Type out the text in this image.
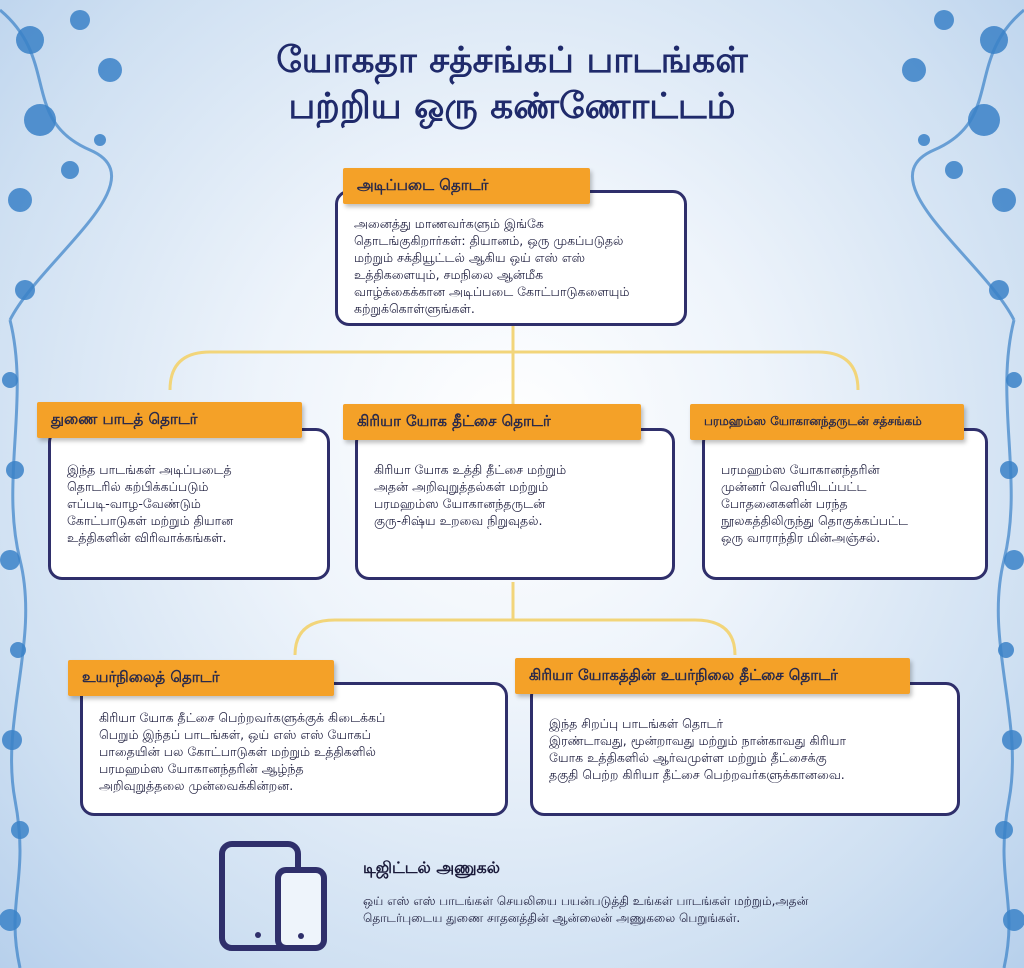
யோகதா சத்சங்கப் பாடங்கள்
பற்றிய ஒரு கண்ணோட்டம்
அனைத்து மாணவர்களும் இங்கே
தொடங்குகிறார்கள்: தியானம், ஒரு முகப்படுதல்
மற்றும் சக்தியூட்டல் ஆகிய ஒய் எஸ் எஸ்
உத்திகளையும், சமநிலை ஆன்மீக
வாழ்க்கைக்கான அடிப்படை கோட்பாடுகளையும்
கற்றுக்கொள்ளுங்கள்.
அடிப்படை தொடர்
இந்த பாடங்கள் அடிப்படைத்
தொடரில் கற்பிக்கப்படும்
எப்படி-வாழ-வேண்டும்
கோட்பாடுகள் மற்றும் தியான
உத்திகளின் விரிவாக்கங்கள்.
துணை பாடத் தொடர்
கிரியா யோக உத்தி தீட்சை மற்றும்
அதன் அறிவுறுத்தல்கள் மற்றும்
பரமஹம்ஸ யோகானந்தருடன்
குரு-சிஷ்ய உறவை நிறுவுதல்.
கிரியா யோக தீட்சை தொடர்
பரமஹம்ஸ யோகானந்தரின்
முன்னர் வெளியிடப்பட்ட
போதனைகளின் பரந்த
நூலகத்திலிருந்து தொகுக்கப்பட்ட
ஒரு வாராந்திர மின்அஞ்சல்.
பரமஹம்ஸ யோகானந்தருடன் சத்சங்கம்
கிரியா யோக தீட்சை பெற்றவர்களுக்குக் கிடைக்கப்
பெறும் இந்தப் பாடங்கள், ஒய் எஸ் எஸ் யோகப்
பாதையின் பல கோட்பாடுகள் மற்றும் உத்திகளில்
பரமஹம்ஸ யோகானந்தரின் ஆழ்ந்த
அறிவுறுத்தலை முன்வைக்கின்றன.
உயர்நிலைத் தொடர்
இந்த சிறப்பு பாடங்கள் தொடர்
இரண்டாவது, மூன்றாவது மற்றும் நான்காவது கிரியா
யோக உத்திகளில் ஆர்வமுள்ள மற்றும் தீட்சைக்கு
தகுதி பெற்ற கிரியா தீட்சை பெற்றவர்களுக்கானவை.
கிரியா யோகத்தின் உயர்நிலை தீட்சை தொடர்
டிஜிட்டல் அணுகல்
ஒய் எஸ் எஸ் பாடங்கள் செயலியை பயன்படுத்தி உங்கள் பாடங்கள் மற்றும்,அதன்
தொடர்புடைய துணை சாதனத்தின் ஆன்லைன் அணுகலை பெறுங்கள்.
